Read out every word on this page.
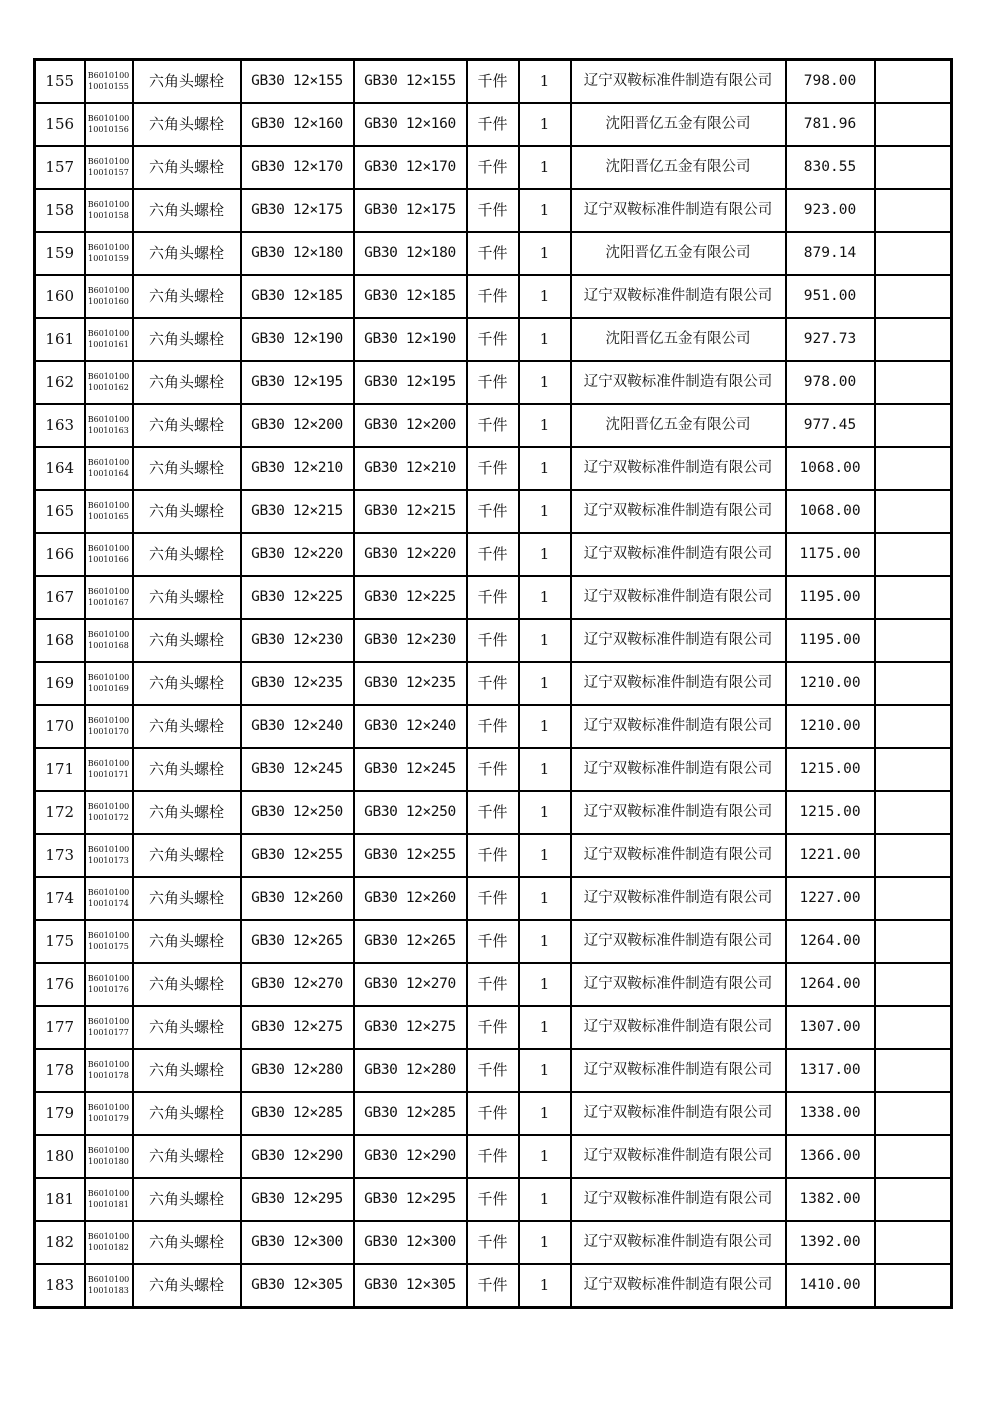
155	B601010010010155	六角头螺栓	GB30 12×155	GB30 12×155	千件	1	辽宁双鞍标准件制造有限公司	798.00	
156	B601010010010156	六角头螺栓	GB30 12×160	GB30 12×160	千件	1	沈阳晋亿五金有限公司	781.96	
157	B601010010010157	六角头螺栓	GB30 12×170	GB30 12×170	千件	1	沈阳晋亿五金有限公司	830.55	
158	B601010010010158	六角头螺栓	GB30 12×175	GB30 12×175	千件	1	辽宁双鞍标准件制造有限公司	923.00	
159	B601010010010159	六角头螺栓	GB30 12×180	GB30 12×180	千件	1	沈阳晋亿五金有限公司	879.14	
160	B601010010010160	六角头螺栓	GB30 12×185	GB30 12×185	千件	1	辽宁双鞍标准件制造有限公司	951.00	
161	B601010010010161	六角头螺栓	GB30 12×190	GB30 12×190	千件	1	沈阳晋亿五金有限公司	927.73	
162	B601010010010162	六角头螺栓	GB30 12×195	GB30 12×195	千件	1	辽宁双鞍标准件制造有限公司	978.00	
163	B601010010010163	六角头螺栓	GB30 12×200	GB30 12×200	千件	1	沈阳晋亿五金有限公司	977.45	
164	B601010010010164	六角头螺栓	GB30 12×210	GB30 12×210	千件	1	辽宁双鞍标准件制造有限公司	1068.00	
165	B601010010010165	六角头螺栓	GB30 12×215	GB30 12×215	千件	1	辽宁双鞍标准件制造有限公司	1068.00	
166	B601010010010166	六角头螺栓	GB30 12×220	GB30 12×220	千件	1	辽宁双鞍标准件制造有限公司	1175.00	
167	B601010010010167	六角头螺栓	GB30 12×225	GB30 12×225	千件	1	辽宁双鞍标准件制造有限公司	1195.00	
168	B601010010010168	六角头螺栓	GB30 12×230	GB30 12×230	千件	1	辽宁双鞍标准件制造有限公司	1195.00	
169	B601010010010169	六角头螺栓	GB30 12×235	GB30 12×235	千件	1	辽宁双鞍标准件制造有限公司	1210.00	
170	B601010010010170	六角头螺栓	GB30 12×240	GB30 12×240	千件	1	辽宁双鞍标准件制造有限公司	1210.00	
171	B601010010010171	六角头螺栓	GB30 12×245	GB30 12×245	千件	1	辽宁双鞍标准件制造有限公司	1215.00	
172	B601010010010172	六角头螺栓	GB30 12×250	GB30 12×250	千件	1	辽宁双鞍标准件制造有限公司	1215.00	
173	B601010010010173	六角头螺栓	GB30 12×255	GB30 12×255	千件	1	辽宁双鞍标准件制造有限公司	1221.00	
174	B601010010010174	六角头螺栓	GB30 12×260	GB30 12×260	千件	1	辽宁双鞍标准件制造有限公司	1227.00	
175	B601010010010175	六角头螺栓	GB30 12×265	GB30 12×265	千件	1	辽宁双鞍标准件制造有限公司	1264.00	
176	B601010010010176	六角头螺栓	GB30 12×270	GB30 12×270	千件	1	辽宁双鞍标准件制造有限公司	1264.00	
177	B601010010010177	六角头螺栓	GB30 12×275	GB30 12×275	千件	1	辽宁双鞍标准件制造有限公司	1307.00	
178	B601010010010178	六角头螺栓	GB30 12×280	GB30 12×280	千件	1	辽宁双鞍标准件制造有限公司	1317.00	
179	B601010010010179	六角头螺栓	GB30 12×285	GB30 12×285	千件	1	辽宁双鞍标准件制造有限公司	1338.00	
180	B601010010010180	六角头螺栓	GB30 12×290	GB30 12×290	千件	1	辽宁双鞍标准件制造有限公司	1366.00	
181	B601010010010181	六角头螺栓	GB30 12×295	GB30 12×295	千件	1	辽宁双鞍标准件制造有限公司	1382.00	
182	B601010010010182	六角头螺栓	GB30 12×300	GB30 12×300	千件	1	辽宁双鞍标准件制造有限公司	1392.00	
183	B601010010010183	六角头螺栓	GB30 12×305	GB30 12×305	千件	1	辽宁双鞍标准件制造有限公司	1410.00	
